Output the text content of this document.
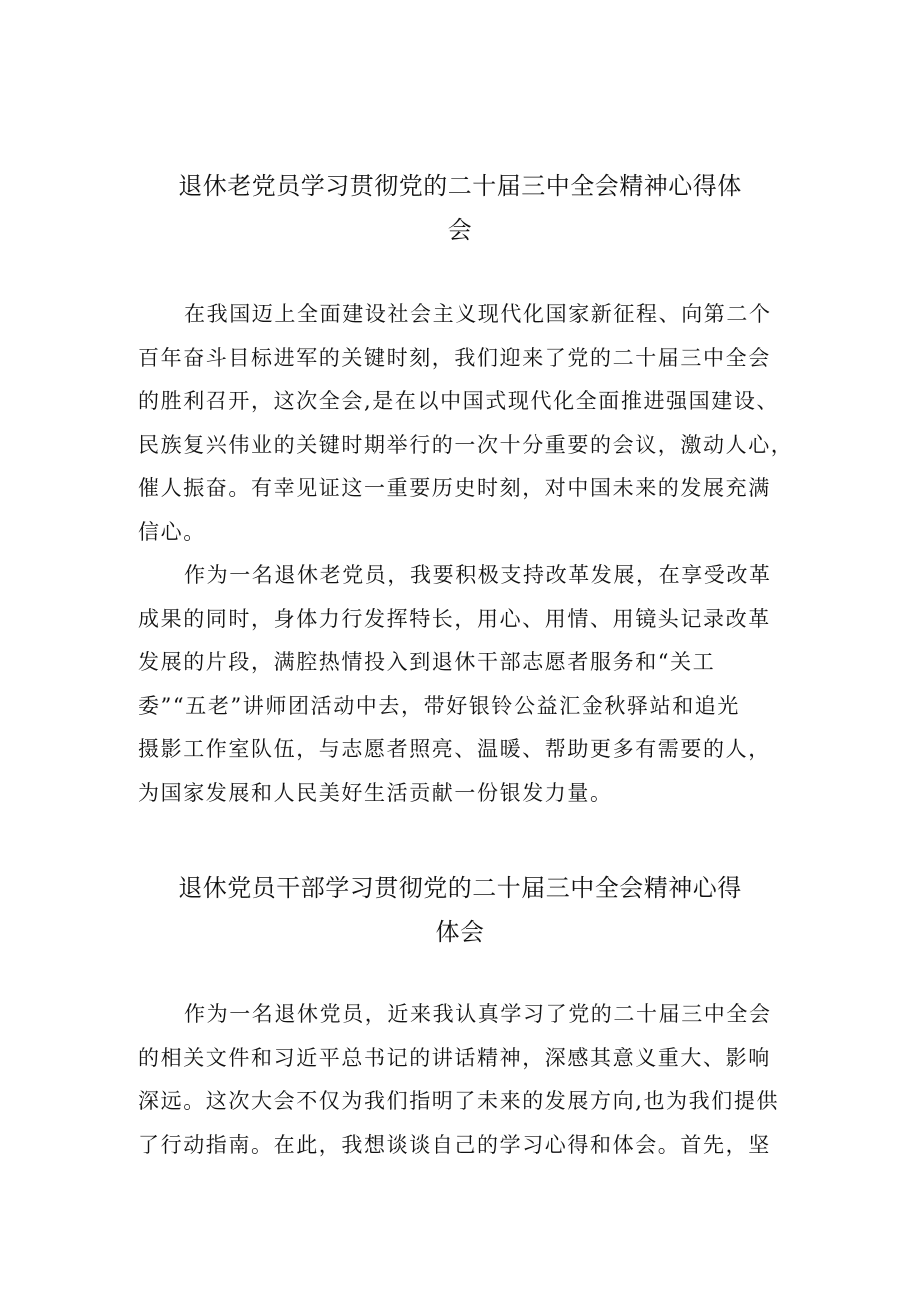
退休老党员学习贯彻党的二十届三中全会精神心得体
会
在我国迈上全面建设社会主义现代化国家新征程、向第二个
百年奋斗目标进军的关键时刻，我们迎来了党的二十届三中全会
的胜利召开，这次全会,是在以中国式现代化全面推进强国建设、
民族复兴伟业的关键时期举行的一次十分重要的会议，激动人心，
催人振奋。有幸见证这一重要历史时刻，对中国未来的发展充满
信心。
作为一名退休老党员，我要积极支持改革发展，在享受改革
成果的同时，身体力行发挥特长，用心、用情、用镜头记录改革
发展的片段，满腔热情投入到退休干部志愿者服务和“关工
委”“五老”讲师团活动中去，带好银铃公益汇金秋驿站和追光
摄影工作室队伍，与志愿者照亮、温暖、帮助更多有需要的人，
为国家发展和人民美好生活贡献一份银发力量。
退休党员干部学习贯彻党的二十届三中全会精神心得
体会
作为一名退休党员，近来我认真学习了党的二十届三中全会
的相关文件和习近平总书记的讲话精神，深感其意义重大、影响
深远。这次大会不仅为我们指明了未来的发展方向,也为我们提供
了行动指南。在此，我想谈谈自己的学习心得和体会。首先，坚
